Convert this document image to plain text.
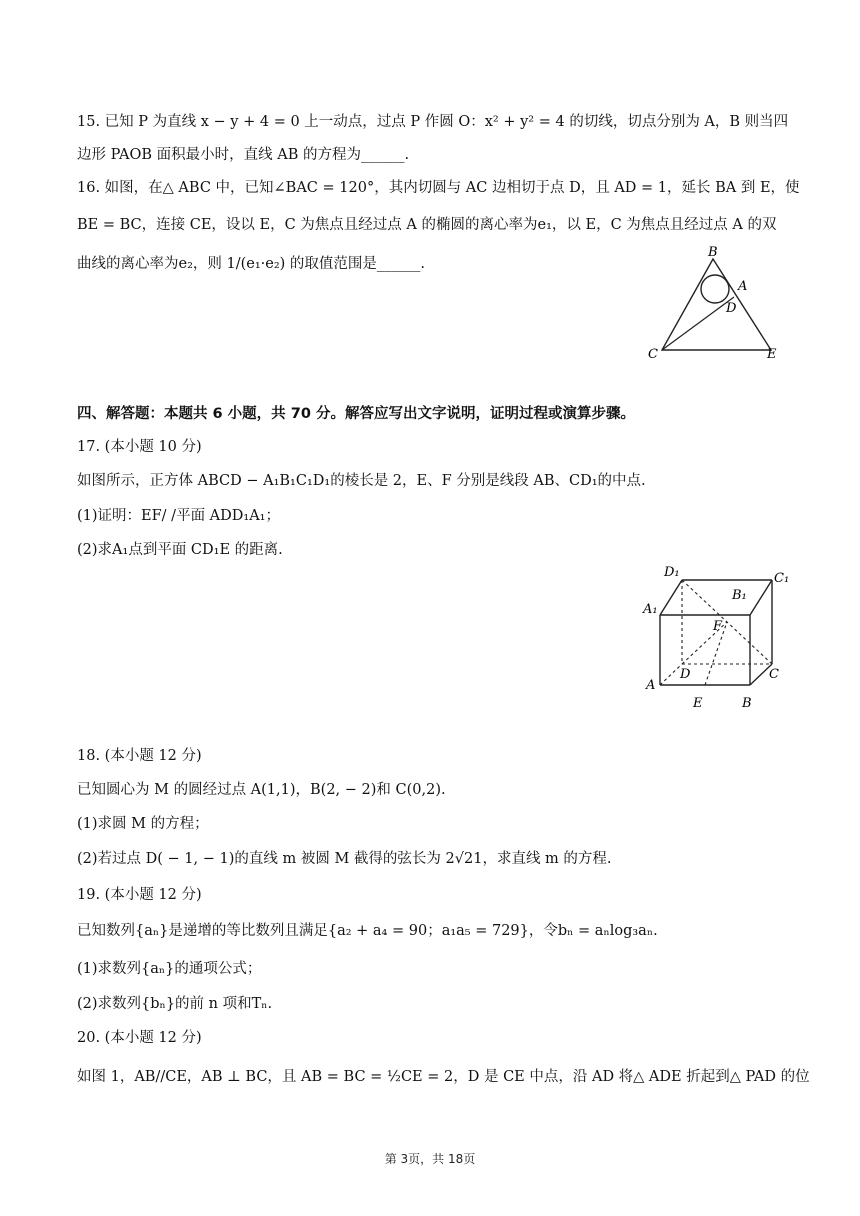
15. 已知 P 为直线 x − y + 4 = 0 上一动点，过点 P 作圆 O：x² + y² = 4 的切线，切点分别为 A，B 则当四
边形 PAOB 面积最小时，直线 AB 的方程为______.
16. 如图，在△ ABC 中，已知∠BAC = 120°，其内切圆与 AC 边相切于点 D，且 AD = 1，延长 BA 到 E，使
BE = BC，连接 CE，设以 E，C 为焦点且经过点 A 的椭圆的离心率为e₁，以 E，C 为焦点且经过点 A 的双
曲线的离心率为e₂，则 1/(e₁·e₂) 的取值范围是______.
B
A
D
C	E
四、解答题：本题共 6 小题，共 70 分。解答应写出文字说明，证明过程或演算步骤。
17. (本小题 10 分)
如图所示，正方体 ABCD − A₁B₁C₁D₁的棱长是 2，E、F 分别是线段 AB、CD₁的中点.
(1)证明：EF/ /平面 ADD₁A₁；
(2)求A₁点到平面 CD₁E 的距离.
D₁	C₁
B₁
A₁
F
D	C
A
E	B
18. (本小题 12 分)
已知圆心为 M 的圆经过点 A(1,1)，B(2, − 2)和 C(0,2).
(1)求圆 M 的方程；
(2)若过点 D( − 1, − 1)的直线 m 被圆 M 截得的弦长为 2√21，求直线 m 的方程.
19. (本小题 12 分)
已知数列{aₙ}是递增的等比数列且满足{a₂ + a₄ = 90；a₁a₅ = 729}，令bₙ = aₙlog₃aₙ.
(1)求数列{aₙ}的通项公式；
(2)求数列{bₙ}的前 n 项和Tₙ.
20. (本小题 12 分)
如图 1，AB//CE，AB ⊥ BC，且 AB = BC = ½CE = 2，D 是 CE 中点，沿 AD 将△ ADE 折起到△ PAD 的位
第 3页，共 18页
